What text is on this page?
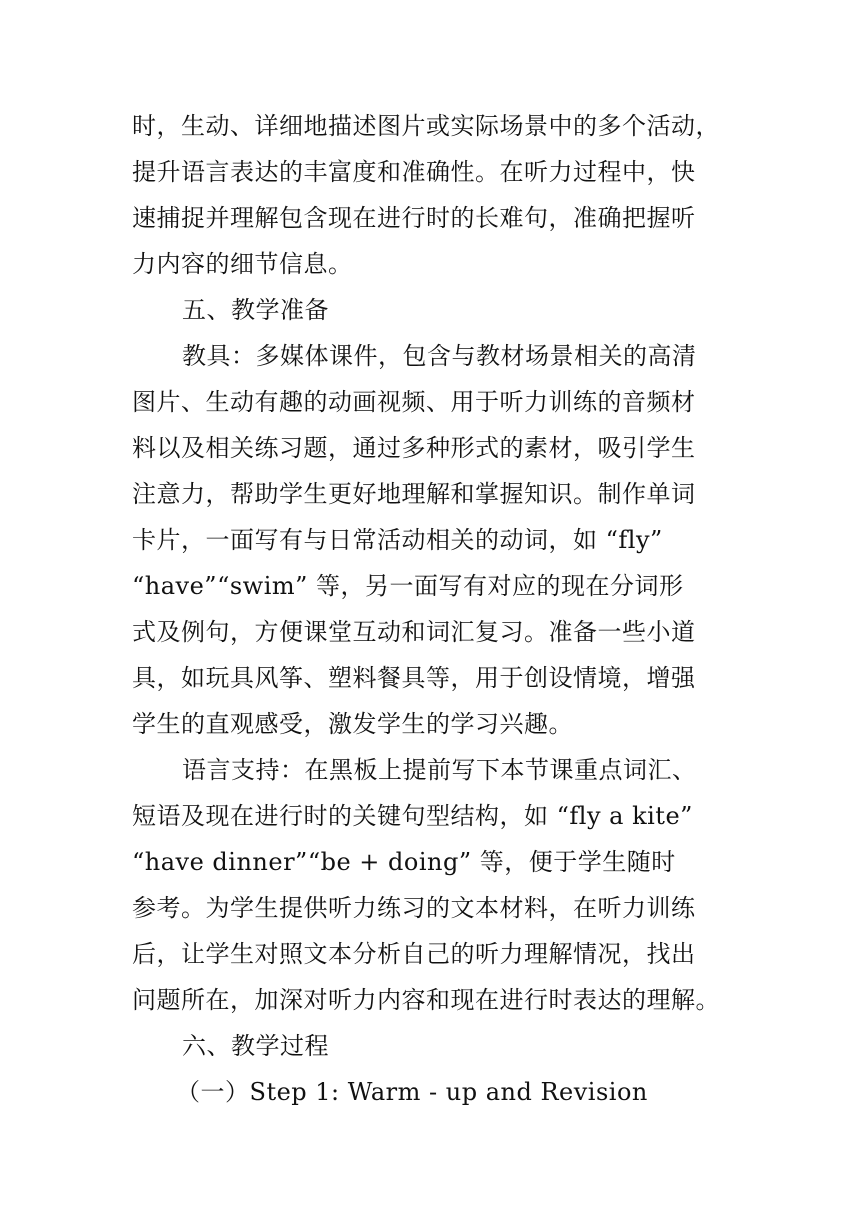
时，生动、详细地描述图片或实际场景中的多个活动，
提升语言表达的丰富度和准确性。在听力过程中，快
速捕捉并理解包含现在进行时的长难句，准确把握听
力内容的细节信息。
五、教学准备
教具：多媒体课件，包含与教材场景相关的高清
图片、生动有趣的动画视频、用于听力训练的音频材
料以及相关练习题，通过多种形式的素材，吸引学生
注意力，帮助学生更好地理解和掌握知识。制作单词
卡片，一面写有与日常活动相关的动词，如 “fly”
“have”“swim” 等，另一面写有对应的现在分词形
式及例句，方便课堂互动和词汇复习。准备一些小道
具，如玩具风筝、塑料餐具等，用于创设情境，增强
学生的直观感受，激发学生的学习兴趣。
语言支持：在黑板上提前写下本节课重点词汇、
短语及现在进行时的关键句型结构，如 “fly a kite”
“have dinner”“be + doing” 等，便于学生随时
参考。为学生提供听力练习的文本材料，在听力训练
后，让学生对照文本分析自己的听力理解情况，找出
问题所在，加深对听力内容和现在进行时表达的理解。
六、教学过程
（一）Step 1: Warm - up and Revision
